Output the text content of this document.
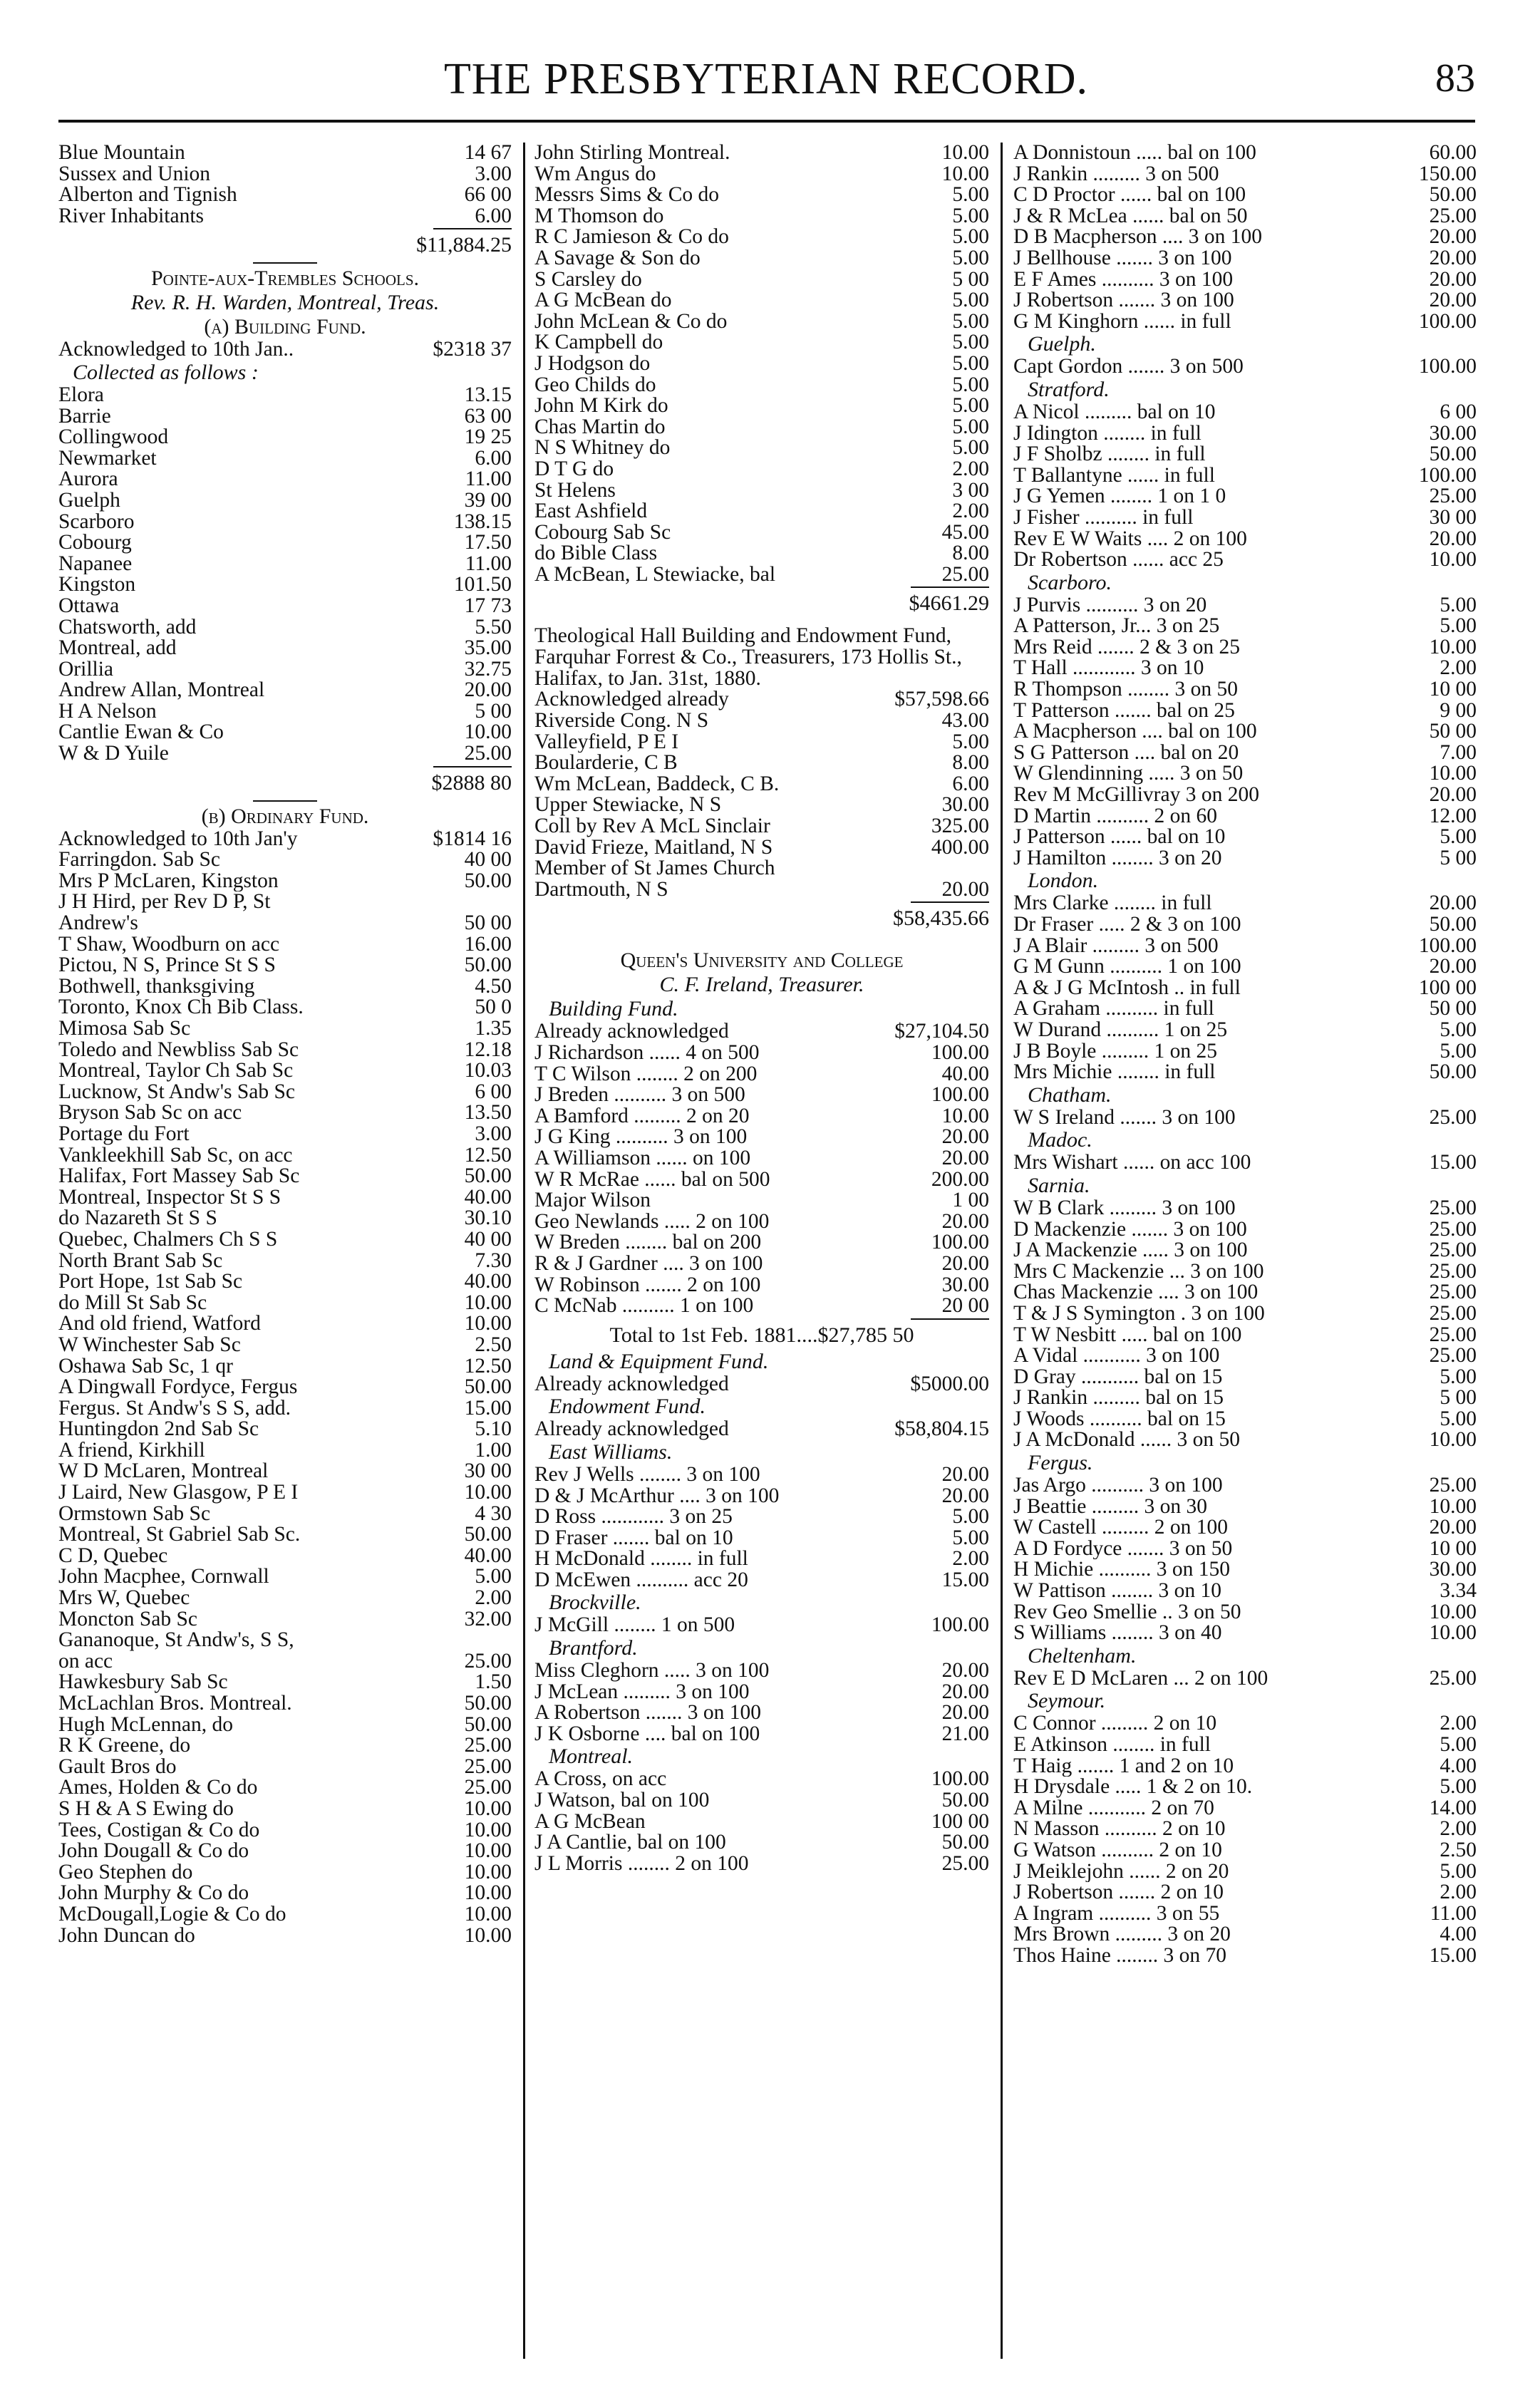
THE PRESBYTERIAN RECORD.	83
Blue Mountain	14 67
Sussex and Union	3.00
Alberton and Tignish	66 00
River Inhabitants	6.00
$11,884.25
Pointe-aux-Trembles Schools.
Rev. R. H. Warden, Montreal, Treas.
(a) Building Fund.
Acknowledged to 10th Jan..	$2318 37
Collected as follows :
Elora	13.15
Barrie	63 00
Collingwood	19 25
Newmarket	6.00
Aurora	11.00
Guelph	39 00
Scarboro	138.15
Cobourg	17.50
Napanee	11.00
Kingston	101.50
Ottawa	17 73
Chatsworth, add	5.50
Montreal, add	35.00
Orillia	32.75
Andrew Allan, Montreal	20.00
H A Nelson	5 00
Cantlie Ewan & Co	10.00
W & D Yuile	25.00
$2888 80
(b) Ordinary Fund.
Acknowledged to 10th Jan'y	$1814 16
Farringdon. Sab Sc	40 00
Mrs P McLaren, Kingston	50.00
J H Hird, per Rev D P, St
Andrew's	50 00
T Shaw, Woodburn on acc	16.00
Pictou, N S, Prince St S S	50.00
Bothwell, thanksgiving	4.50
Toronto, Knox Ch Bib Class.	50 0
Mimosa Sab Sc	1.35
Toledo and Newbliss Sab Sc	12.18
Montreal, Taylor Ch Sab Sc	10.03
Lucknow, St Andw's Sab Sc	6 00
Bryson Sab Sc on acc	13.50
Portage du Fort	3.00
Vankleekhill Sab Sc, on acc	12.50
Halifax, Fort Massey Sab Sc	50.00
Montreal, Inspector St S S	40.00
do Nazareth St S S	30.10
Quebec, Chalmers Ch S S	40 00
North Brant Sab Sc	7.30
Port Hope, 1st Sab Sc	40.00
do Mill St Sab Sc	10.00
And old friend, Watford	10.00
W Winchester Sab Sc	2.50
Oshawa Sab Sc, 1 qr	12.50
A Dingwall Fordyce, Fergus	50.00
Fergus. St Andw's S S, add.	15.00
Huntingdon 2nd Sab Sc	5.10
A friend, Kirkhill	1.00
W D McLaren, Montreal	30 00
J Laird, New Glasgow, P E I	10.00
Ormstown Sab Sc	4 30
Montreal, St Gabriel Sab Sc.	50.00
C D, Quebec	40.00
John Macphee, Cornwall	5.00
Mrs W, Quebec	2.00
Moncton Sab Sc	32.00
Gananoque, St Andw's, S S,
on acc	25.00
Hawkesbury Sab Sc	1.50
McLachlan Bros. Montreal.	50.00
Hugh McLennan, do	50.00
R K Greene, do	25.00
Gault Bros do	25.00
Ames, Holden & Co do	25.00
S H & A S Ewing do	10.00
Tees, Costigan & Co do	10.00
John Dougall & Co do	10.00
Geo Stephen do	10.00
John Murphy & Co do	10.00
McDougall,Logie & Co do	10.00
John Duncan do	10.00
John Stirling Montreal.	10.00
Wm Angus do	10.00
Messrs Sims & Co do	5.00
M Thomson do	5.00
R C Jamieson & Co do	5.00
A Savage & Son do	5.00
S Carsley do	5 00
A G McBean do	5.00
John McLean & Co do	5.00
K Campbell do	5.00
J Hodgson do	5.00
Geo Childs do	5.00
John M Kirk do	5.00
Chas Martin do	5.00
N S Whitney do	5.00
D T G do	2.00
St Helens	3 00
East Ashfield	2.00
Cobourg Sab Sc	45.00
do Bible Class	8.00
A McBean, L Stewiacke, bal	25.00
$4661.29
Theological Hall Building and Endowment Fund, Farquhar Forrest & Co., Treasurers, 173 Hollis St., Halifax, to Jan. 31st, 1880.
Acknowledged already	$57,598.66
Riverside Cong. N S	43.00
Valleyfield, P E I	5.00
Boularderie, C B	8.00
Wm McLean, Baddeck, C B.	6.00
Upper Stewiacke, N S	30.00
Coll by Rev A McL Sinclair	325.00
David Frieze, Maitland, N S	400.00
Member of St James Church
Dartmouth, N S	20.00
$58,435.66
Queen's University and College
C. F. Ireland, Treasurer.
Building Fund.
Already acknowledged	$27,104.50
J Richardson ...... 4 on 500	100.00
T C Wilson ........ 2 on 200	40.00
J Breden .......... 3 on 500	100.00
A Bamford ......... 2 on 20	10.00
J G King .......... 3 on 100	20.00
A Williamson ...... on 100	20.00
W R McRae ...... bal on 500	200.00
Major Wilson	1 00
Geo Newlands ..... 2 on 100	20.00
W Breden ........ bal on 200	100.00
R & J Gardner .... 3 on 100	20.00
W Robinson ....... 2 on 100	30.00
C McNab .......... 1 on 100	20 00
Total to 1st Feb. 1881....$27,785 50
Land & Equipment Fund.
Already acknowledged	$5000.00
Endowment Fund.
Already acknowledged	$58,804.15
East Williams.
Rev J Wells ........ 3 on 100	20.00
D & J McArthur .... 3 on 100	20.00
D Ross ............ 3 on 25	5.00
D Fraser ....... bal on 10	5.00
H McDonald ........ in full	2.00
D McEwen .......... acc 20	15.00
Brockville.
J McGill ........ 1 on 500	100.00
Brantford.
Miss Cleghorn ..... 3 on 100	20.00
J McLean ......... 3 on 100	20.00
A Robertson ....... 3 on 100	20.00
J K Osborne .... bal on 100	21.00
Montreal.
A Cross, on acc	100.00
J Watson, bal on 100	50.00
A G McBean	100 00
J A Cantlie, bal on 100	50.00
J L Morris ........ 2 on 100	25.00
A Donnistoun ..... bal on 100	60.00
J Rankin ......... 3 on 500	150.00
C D Proctor ...... bal on 100	50.00
J & R McLea ...... bal on 50	25.00
D B Macpherson .... 3 on 100	20.00
J Bellhouse ....... 3 on 100	20.00
E F Ames .......... 3 on 100	20.00
J Robertson ....... 3 on 100	20.00
G M Kinghorn ...... in full	100.00
Guelph.
Capt Gordon ....... 3 on 500	100.00
Stratford.
A Nicol ......... bal on 10	6 00
J Idington ........ in full	30.00
J F Sholbz ........ in full	50.00
T Ballantyne ...... in full	100.00
J G Yemen ........ 1 on 1 0	25.00
J Fisher .......... in full	30 00
Rev E W Waits .... 2 on 100	20.00
Dr Robertson ...... acc 25	10.00
Scarboro.
J Purvis .......... 3 on 20	5.00
A Patterson, Jr... 3 on 25	5.00
Mrs Reid ....... 2 & 3 on 25	10.00
T Hall ............ 3 on 10	2.00
R Thompson ........ 3 on 50	10 00
T Patterson ....... bal on 25	9 00
A Macpherson .... bal on 100	50 00
S G Patterson .... bal on 20	7.00
W Glendinning ..... 3 on 50	10.00
Rev M McGillivray 3 on 200	20.00
D Martin .......... 2 on 60	12.00
J Patterson ...... bal on 10	5.00
J Hamilton ........ 3 on 20	5 00
London.
Mrs Clarke ........ in full	20.00
Dr Fraser ..... 2 & 3 on 100	50.00
J A Blair ......... 3 on 500	100.00
G M Gunn .......... 1 on 100	20.00
A & J G McIntosh .. in full	100 00
A Graham .......... in full	50 00
W Durand .......... 1 on 25	5.00
J B Boyle ......... 1 on 25	5.00
Mrs Michie ........ in full	50.00
Chatham.
W S Ireland ....... 3 on 100	25.00
Madoc.
Mrs Wishart ...... on acc 100	15.00
Sarnia.
W B Clark ......... 3 on 100	25.00
D Mackenzie ....... 3 on 100	25.00
J A Mackenzie ..... 3 on 100	25.00
Mrs C Mackenzie ... 3 on 100	25.00
Chas Mackenzie .... 3 on 100	25.00
T & J S Symington . 3 on 100	25.00
T W Nesbitt ..... bal on 100	25.00
A Vidal ........... 3 on 100	25.00
D Gray ........... bal on 15	5.00
J Rankin ......... bal on 15	5 00
J Woods .......... bal on 15	5.00
J A McDonald ...... 3 on 50	10.00
Fergus.
Jas Argo .......... 3 on 100	25.00
J Beattie ......... 3 on 30	10.00
W Castell ......... 2 on 100	20.00
A D Fordyce ....... 3 on 50	10 00
H Michie .......... 3 on 150	30.00
W Pattison ........ 3 on 10	3.34
Rev Geo Smellie .. 3 on 50	10.00
S Williams ........ 3 on 40	10.00
Cheltenham.
Rev E D McLaren ... 2 on 100	25.00
Seymour.
C Connor ......... 2 on 10	2.00
E Atkinson ........ in full	5.00
T Haig ....... 1 and 2 on 10	4.00
H Drysdale ..... 1 & 2 on 10.	5.00
A Milne ........... 2 on 70	14.00
N Masson .......... 2 on 10	2.00
G Watson .......... 2 on 10	2.50
J Meiklejohn ...... 2 on 20	5.00
J Robertson ....... 2 on 10	2.00
A Ingram .......... 3 on 55	11.00
Mrs Brown ......... 3 on 20	4.00
Thos Haine ........ 3 on 70	15.00
